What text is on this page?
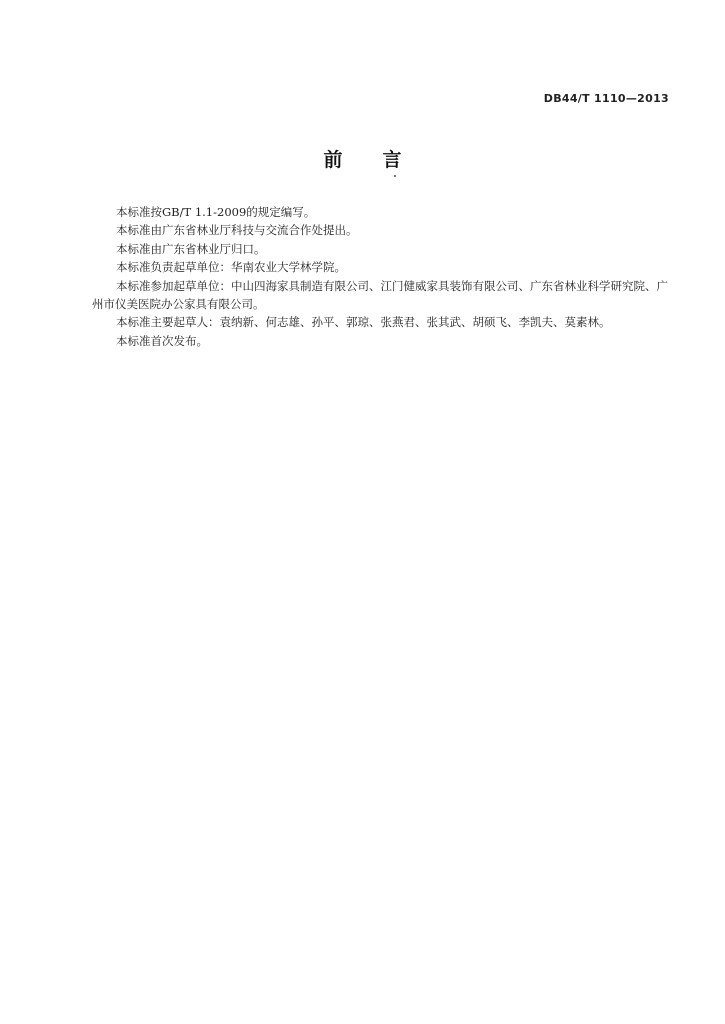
DB44/T 1110—2013
前 言

本标准按GB/T 1.1-2009的规定编写。

本标准由广东省林业厅科技与交流合作处提出。

本标准由广东省林业厅归口。

本标准负责起草单位：华南农业大学林学院。

本标准参加起草单位：中山四海家具制造有限公司、江门健威家具装饰有限公司、广东省林业科学研究院、广州市仪美医院办公家具有限公司。

本标准主要起草人：袁纳新、何志雄、孙平、郭琼、张燕君、张其武、胡硕飞、李凯夫、莫素林。

本标准首次发布。
